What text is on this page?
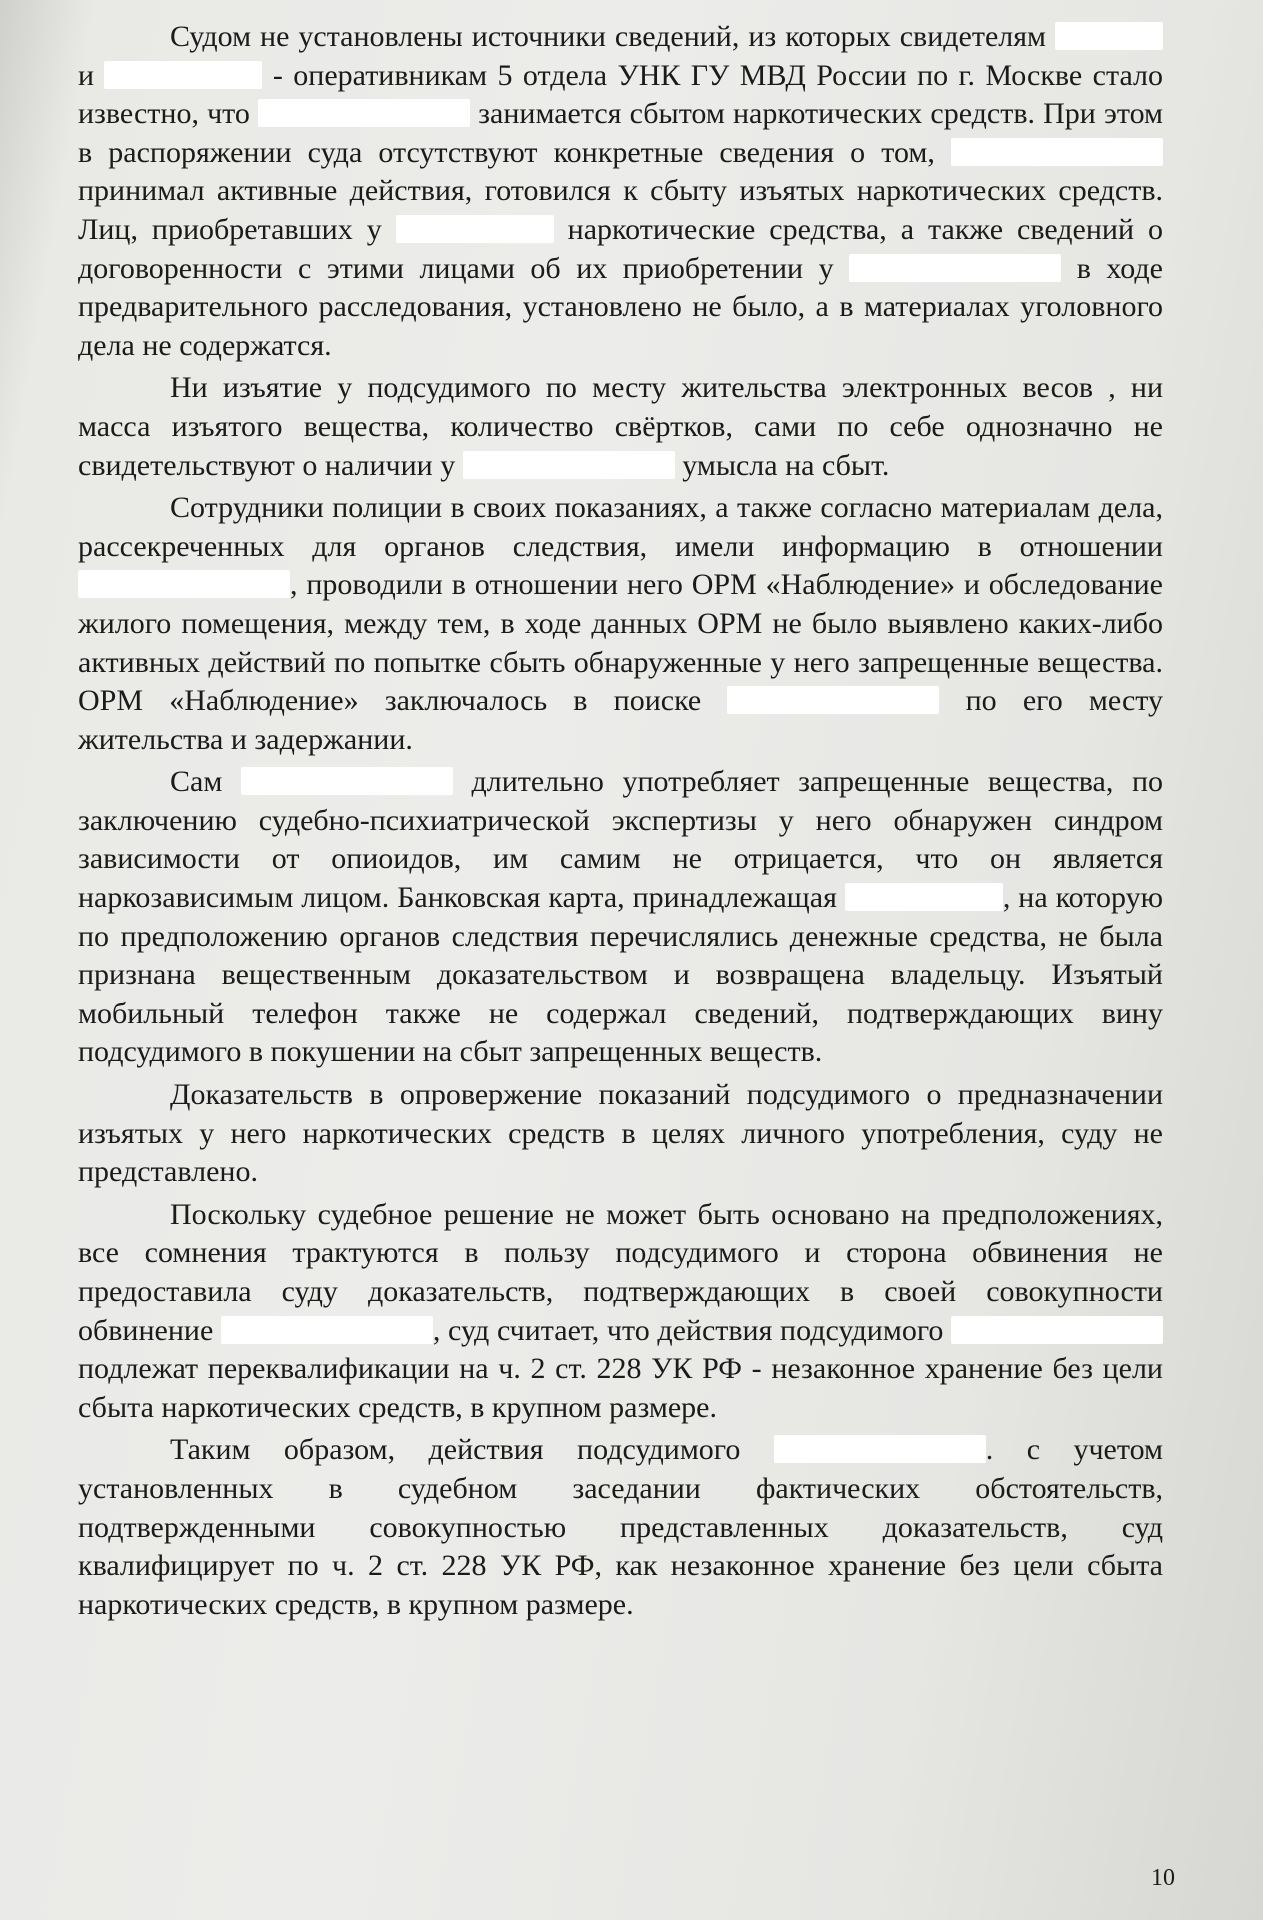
Судом не установлены источники сведений, из которых свидетелям  и	- оперативникам 5 отдела УНК ГУ МВД России по г. Москве стало известно, что	занимается сбытом наркотических средств. При этом в распоряжении суда отсутствуют конкретные сведения о том,  принимал активные действия, готовился к сбыту изъятых наркотических средств. Лиц, приобретавших у	наркотические средства, а также сведений о договоренности с этими лицами об их приобретении у	в ходе предварительного расследования, установлено не было, а в материалах уголовного дела не содержатся.

Ни изъятие у подсудимого по месту жительства электронных весов , ни масса изъятого вещества, количество свёртков, сами по себе однозначно не свидетельствуют о наличии у	умысла на сбыт.

Сотрудники полиции в своих показаниях, а также согласно материалам дела, рассекреченных для органов следствия, имели информацию в отношении , проводили в отношении него ОРМ «Наблюдение» и обследование жилого помещения, между тем, в ходе данных ОРМ не было выявлено каких-либо активных действий по попытке сбыть обнаруженные у него запрещенные вещества. ОРМ «Наблюдение» заключалось в поиске	по его месту жительства и задержании.

Сам	длительно употребляет запрещенные вещества, по заключению судебно-психиатрической экспертизы у него обнаружен синдром зависимости от опиоидов, им самим не отрицается, что он является наркозависимым лицом. Банковская карта, принадлежащая	, на которую по предположению органов следствия перечислялись денежные средства, не была признана вещественным доказательством и возвращена владельцу. Изъятый мобильный телефон также не содержал сведений, подтверждающих вину подсудимого в покушении на сбыт запрещенных веществ.

Доказательств в опровержение показаний подсудимого о предназначении изъятых у него наркотических средств в целях личного употребления, суду не представлено.

Поскольку судебное решение не может быть основано на предположениях, все сомнения трактуются в пользу подсудимого и сторона обвинения не предоставила суду доказательств, подтверждающих в своей совокупности обвинение	, суд считает, что действия подсудимого  подлежат переквалификации на ч. 2 ст. 228 УК РФ - незаконное хранение без цели сбыта наркотических средств, в крупном размере.

Таким образом, действия подсудимого	. с учетом установленных в судебном заседании фактических обстоятельств, подтвержденными совокупностью представленных доказательств, суд квалифицирует по ч. 2 ст. 228 УК РФ, как незаконное хранение без цели сбыта наркотических средств, в крупном размере.

10
